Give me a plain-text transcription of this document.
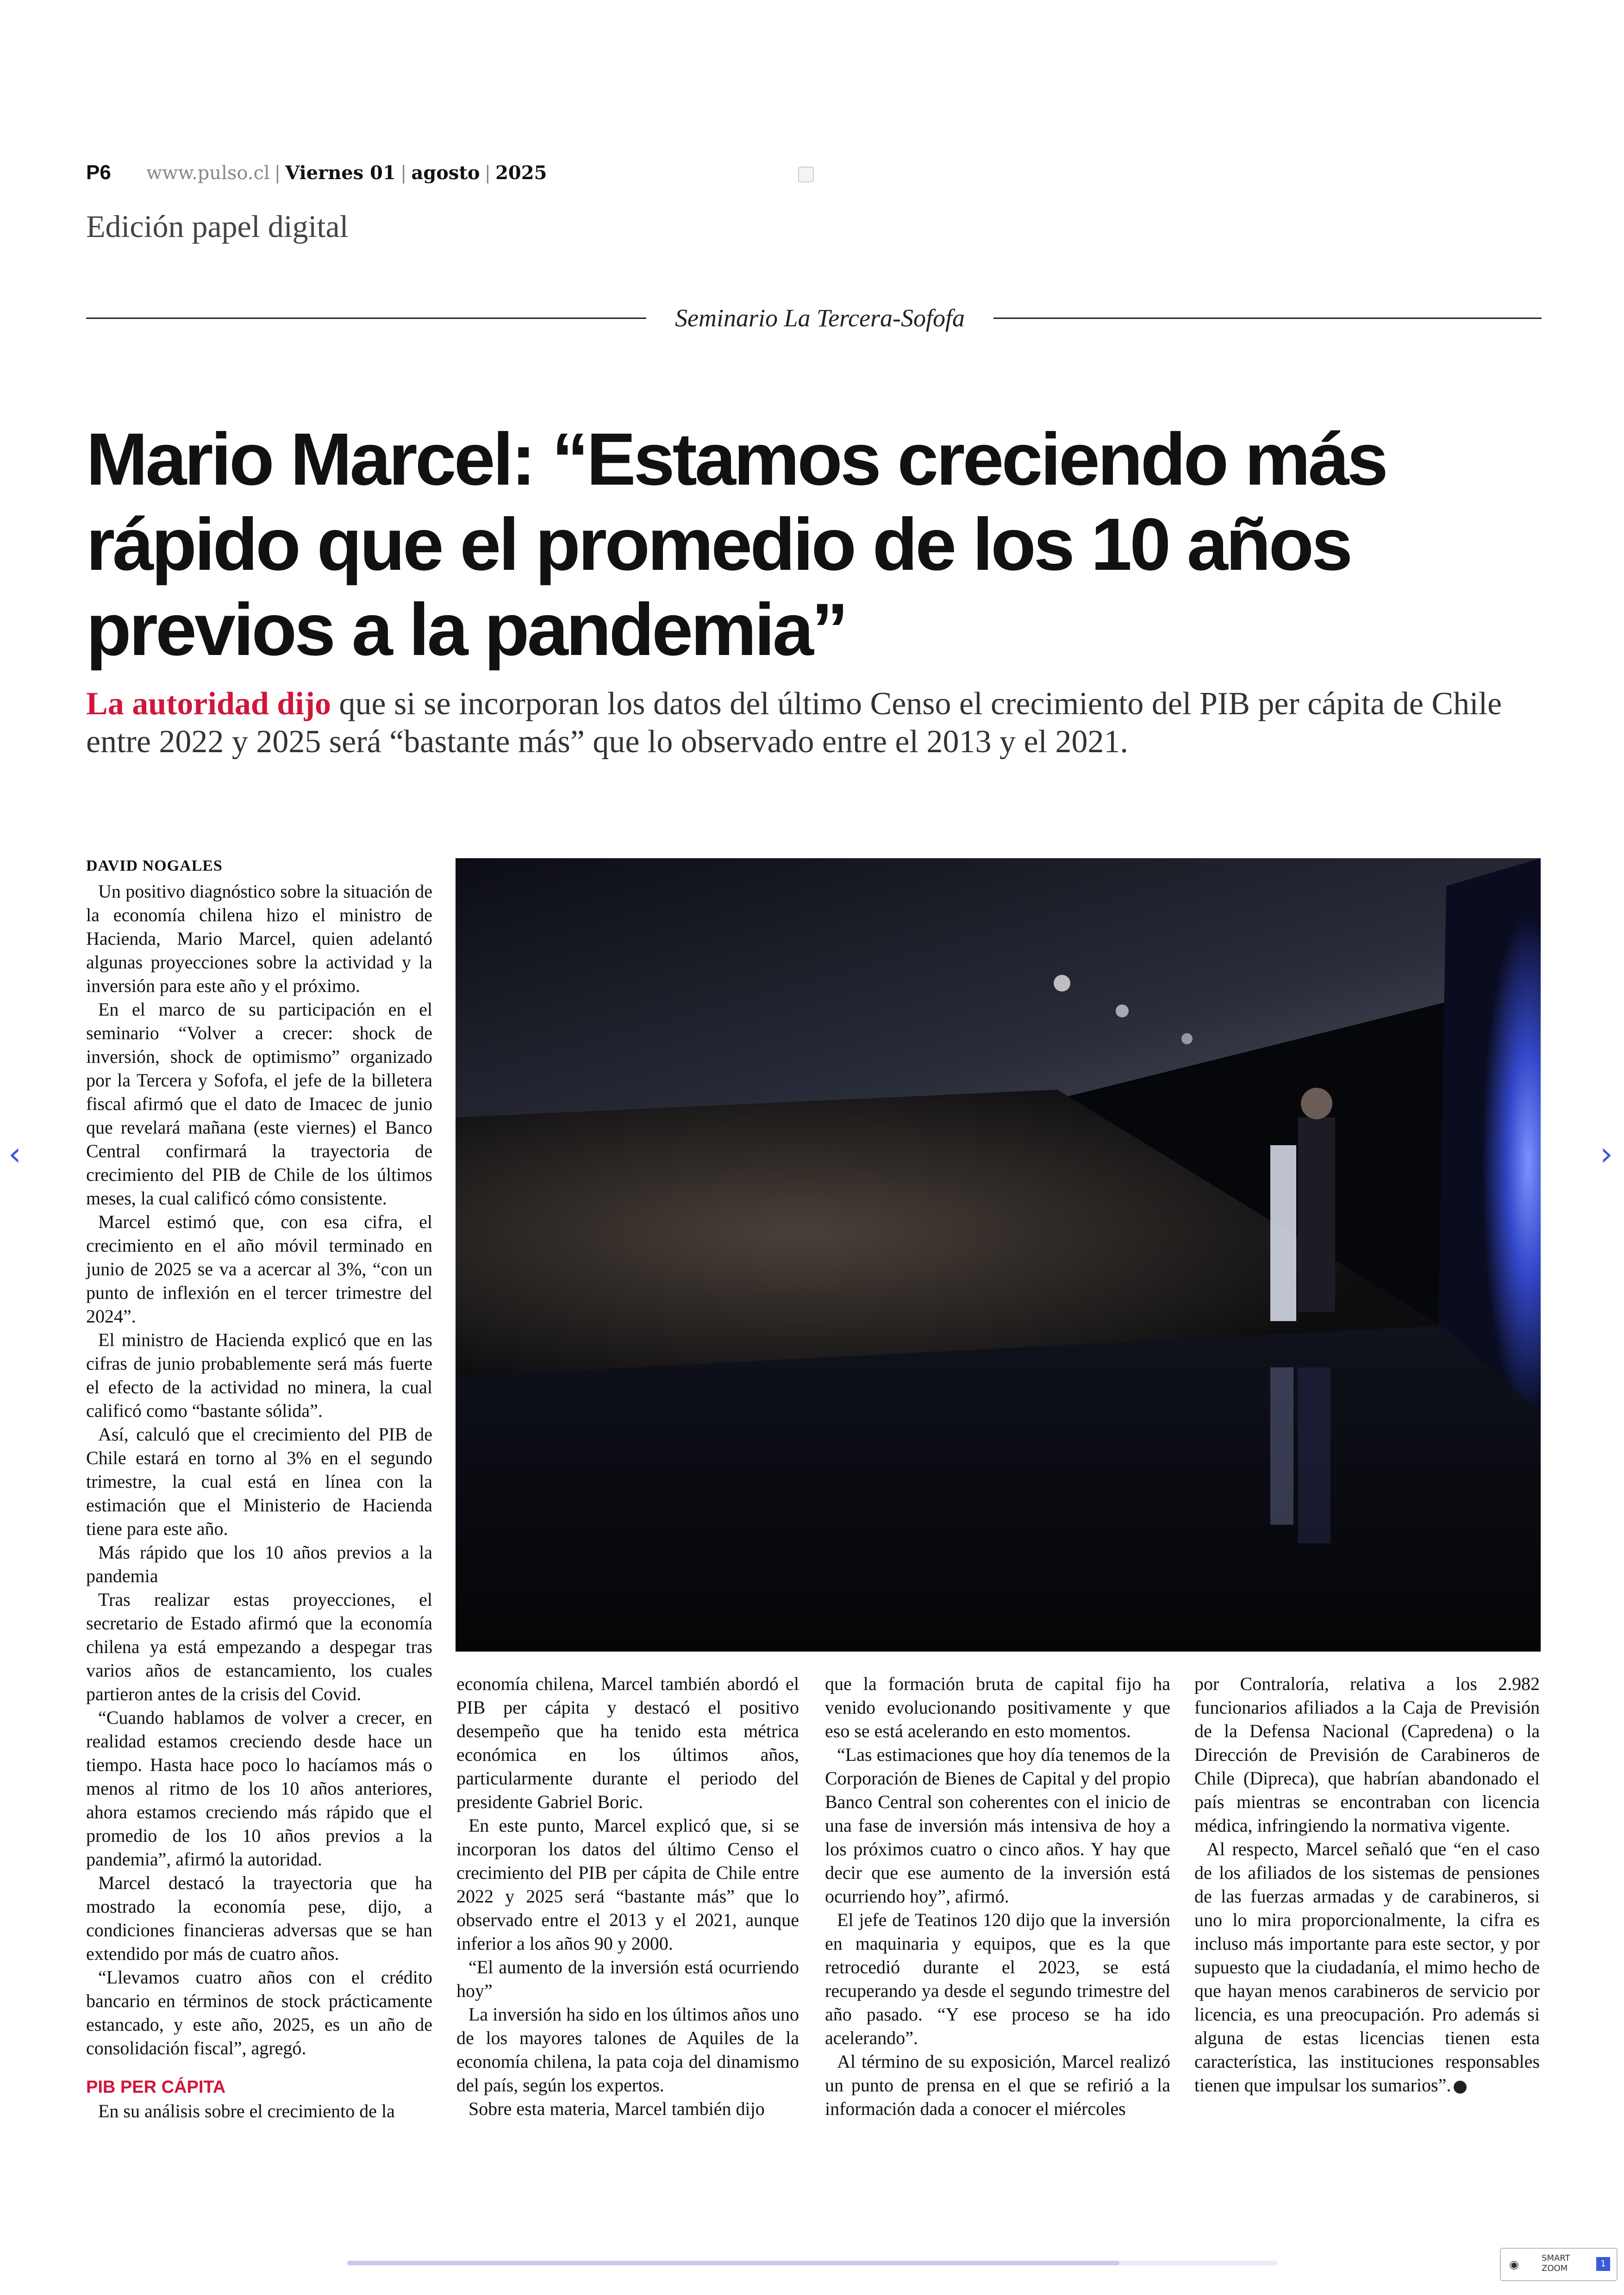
P6 www.pulso.cl | Viernes 01 | agosto | 2025
Edición papel digital
Seminario La Tercera-Sofofa
Mario Marcel: “Estamos creciendo más rápido que el promedio de los 10 años previos a la pandemia”
La autoridad dijo que si se incorporan los datos del último Censo el crecimiento del PIB per cápita de Chile entre 2022 y 2025 será “bastante más” que lo observado entre el 2013 y el 2021.
DAVID NOGALES

Un positivo diagnóstico sobre la situación de la economía chilena hizo el ministro de Hacienda, Mario Marcel, quien adelantó algunas proyecciones sobre la actividad y la inversión para este año y el próximo.

En el marco de su participación en el seminario “Volver a crecer: shock de inversión, shock de optimismo” organizado por la Tercera y Sofofa, el jefe de la billetera fiscal afirmó que el dato de Imacec de junio que revelará mañana (este viernes) el Banco Central confirmará la trayectoria de crecimiento del PIB de Chile de los últimos meses, la cual calificó cómo consistente.

Marcel estimó que, con esa cifra, el crecimiento en el año móvil terminado en junio de 2025 se va a acercar al 3%, “con un punto de inflexión en el tercer trimestre del 2024”.

El ministro de Hacienda explicó que en las cifras de junio probablemente será más fuerte el efecto de la actividad no minera, la cual calificó como “bastante sólida”.

Así, calculó que el crecimiento del PIB de Chile estará en torno al 3% en el segundo trimestre, la cual está en línea con la estimación que el Ministerio de Hacienda tiene para este año.

Más rápido que los 10 años previos a la pandemia

Tras realizar estas proyecciones, el secretario de Estado afirmó que la economía chilena ya está empezando a despegar tras varios años de estancamiento, los cuales partieron antes de la crisis del Covid.

“Cuando hablamos de volver a crecer, en realidad estamos creciendo desde hace un tiempo. Hasta hace poco lo hacíamos más o menos al ritmo de los 10 años anteriores, ahora estamos creciendo más rápido que el promedio de los 10 años previos a la pandemia”, afirmó la autoridad.

Marcel destacó la trayectoria que ha mostrado la economía pese, dijo, a condiciones financieras adversas que se han extendido por más de cuatro años.

“Llevamos cuatro años con el crédito bancario en términos de stock prácticamente estancado, y este año, 2025, es un año de consolidación fiscal”, agregó.

PIB PER CÁPITA

En su análisis sobre el crecimiento de la

economía chilena, Marcel también abordó el PIB per cápita y destacó el positivo desempeño que ha tenido esta métrica económica en los últimos años, particularmente durante el periodo del presidente Gabriel Boric.

En este punto, Marcel explicó que, si se incorporan los datos del último Censo el crecimiento del PIB per cápita de Chile entre 2022 y 2025 será “bastante más” que lo observado entre el 2013 y el 2021, aunque inferior a los años 90 y 2000.

“El aumento de la inversión está ocurriendo hoy”

La inversión ha sido en los últimos años uno de los mayores talones de Aquiles de la economía chilena, la pata coja del dinamismo del país, según los expertos.

Sobre esta materia, Marcel también dijo

que la formación bruta de capital fijo ha venido evolucionando positivamente y que eso se está acelerando en esto momentos.

“Las estimaciones que hoy día tenemos de la Corporación de Bienes de Capital y del propio Banco Central son coherentes con el inicio de una fase de inversión más intensiva de hoy a los próximos cuatro o cinco años. Y hay que decir que ese aumento de la inversión está ocurriendo hoy”, afirmó.

El jefe de Teatinos 120 dijo que la inversión en maquinaria y equipos, que es la que retrocedió durante el 2023, se está recuperando ya desde el segundo trimestre del año pasado. “Y ese proceso se ha ido acelerando”.

Al término de su exposición, Marcel realizó un punto de prensa en el que se refirió a la información dada a conocer el miércoles

por Contraloría, relativa a los 2.982 funcionarios afiliados a la Caja de Previsión de la Defensa Nacional (Capredena) o la Dirección de Previsión de Carabineros de Chile (Dipreca), que habrían abandonado el país mientras se encontraban con licencia médica, infringiendo la normativa vigente.

Al respecto, Marcel señaló que “en el caso de los afiliados de los sistemas de pensiones de las fuerzas armadas y de carabineros, si uno lo mira proporcionalmente, la cifra es incluso más importante para este sector, y por supuesto que la ciudadanía, el mimo hecho de que hayan menos carabineros de servicio por licencia, es una preocupación. Pro además si alguna de estas licencias tienen esta característica, las instituciones responsables tienen que impulsar los sumarios”.

‹	›
◉	SMART
ZOOM	1
